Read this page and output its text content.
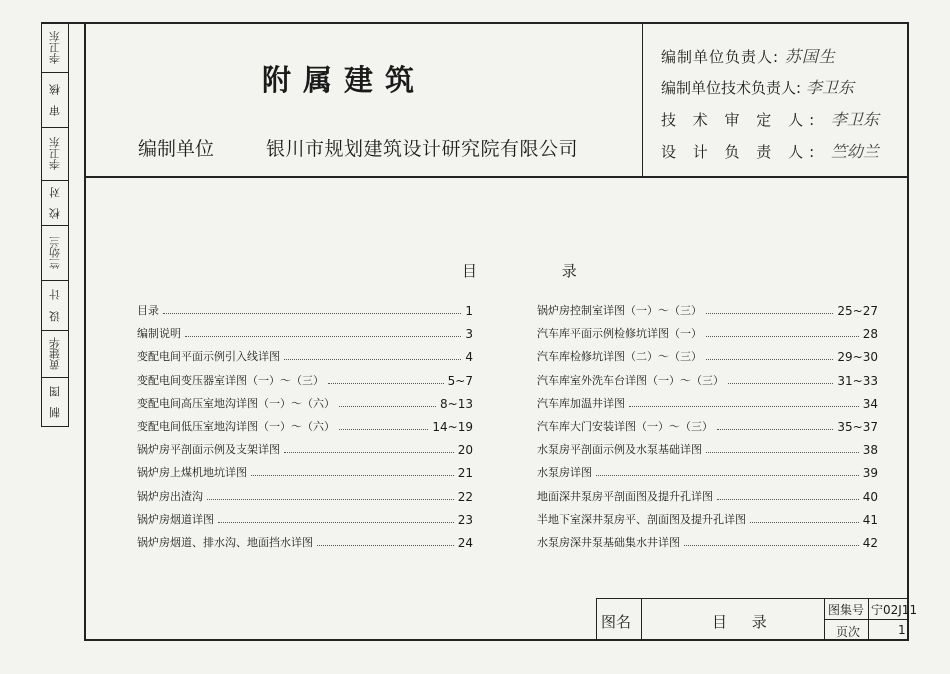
李卫东
审

核
李卫东
校

对
竺幼兰
设

计
黄建华
制

图
附属建筑
编制单位	银川市规划建筑设计研究院有限公司
编制单位负责人: 苏国生
编制单位技术负责人: 李卫东
技 术 审 定 人: 李卫东
设 计 负 责 人: 竺幼兰
目 录
目录	1
编制说明	3
变配电间平面示例引入线详图	4
变配电间变压器室详图（一）～（三）	5~7
变配电间高压室地沟详图（一）～（六）	8~13
变配电间低压室地沟详图（一）～（六）	14~19
锅炉房平剖面示例及支架详图	20
锅炉房上煤机地坑详图	21
锅炉房出渣沟	22
锅炉房烟道详图	23
锅炉房烟道、排水沟、地面挡水详图	24
锅炉房控制室详图（一）～（三）	25~27
汽车库平面示例检修坑详图（一）	28
汽车库检修坑详图（二）～（三）	29~30
汽车库室外洗车台详图（一）～（三）	31~33
汽车库加温井详图	34
汽车库大门安装详图（一）～（三）	35~37
水泵房平剖面示例及水泵基础详图	38
水泵房详图	39
地面深井泵房平剖面图及提升孔详图	40
半地下室深井泵房平、剖面图及提升孔详图	41
水泵房深井泵基础集水井详图	42
图名	目 录
图集号 宁02J11
页次	1
